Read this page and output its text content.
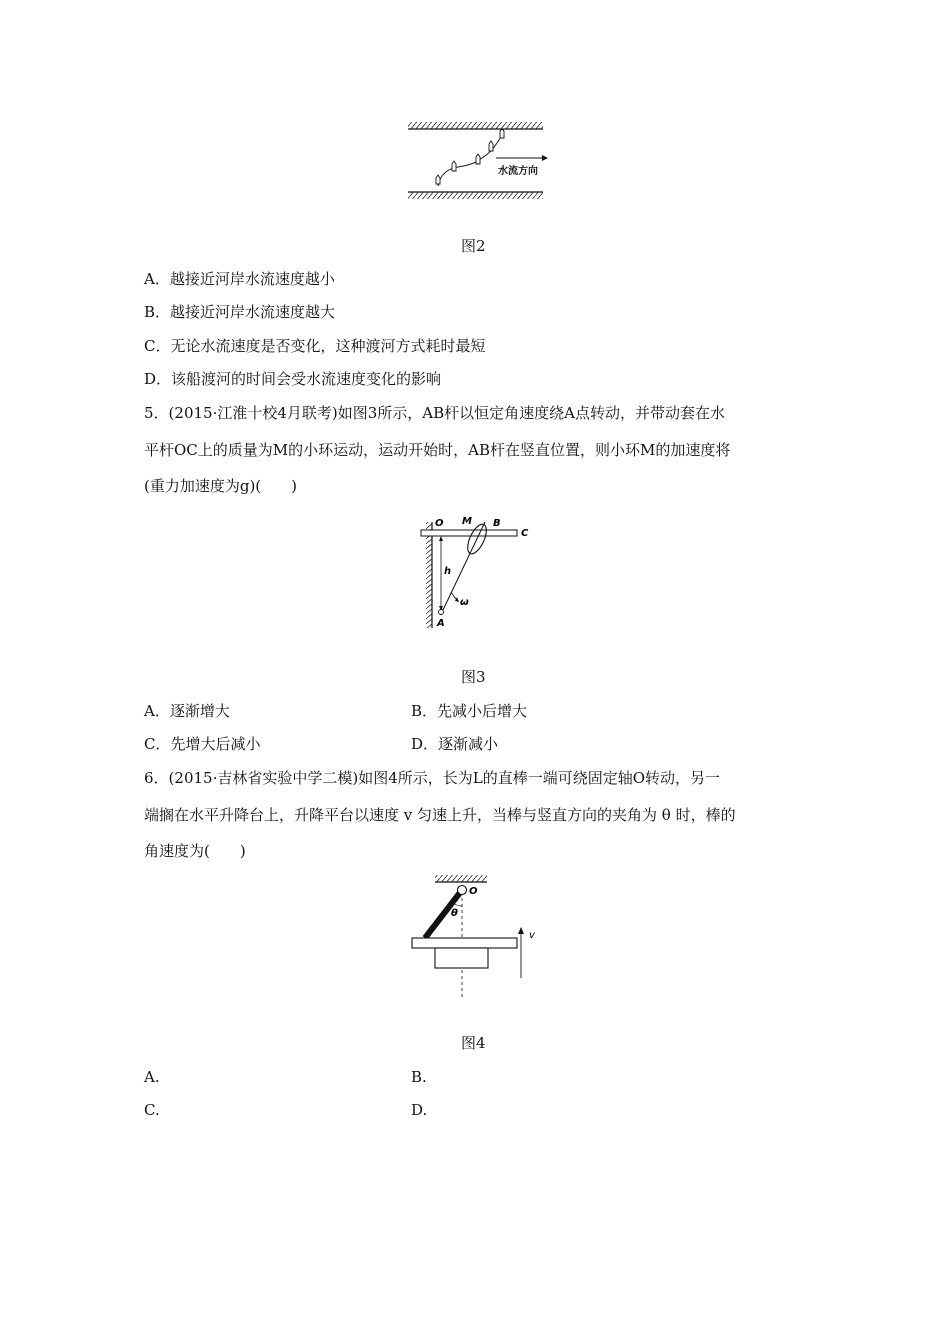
水流方向
图2
A．越接近河岸水流速度越小
B．越接近河岸水流速度越大
C．无论水流速度是否变化，这种渡河方式耗时最短
D．该船渡河的时间会受水流速度变化的影响
5．(2015·江淮十校4月联考)如图3所示，AB杆以恒定角速度绕A点转动，并带动套在水
平杆OC上的质量为M的小环运动，运动开始时，AB杆在竖直位置，则小环M的加速度将
(重力加速度为g)(　　)
O M B
C
h
ω
A
图3
A．逐渐增大	B．先减小后增大
C．先增大后减小	D．逐渐减小
6．(2015·吉林省实验中学二模)如图4所示，长为L的直棒一端可绕固定轴O转动，另一
端搁在水平升降台上，升降平台以速度 v 匀速上升，当棒与竖直方向的夹角为 θ 时，棒的
角速度为(　　)
O
θ
v
图4
A.	B.
C.	D.
